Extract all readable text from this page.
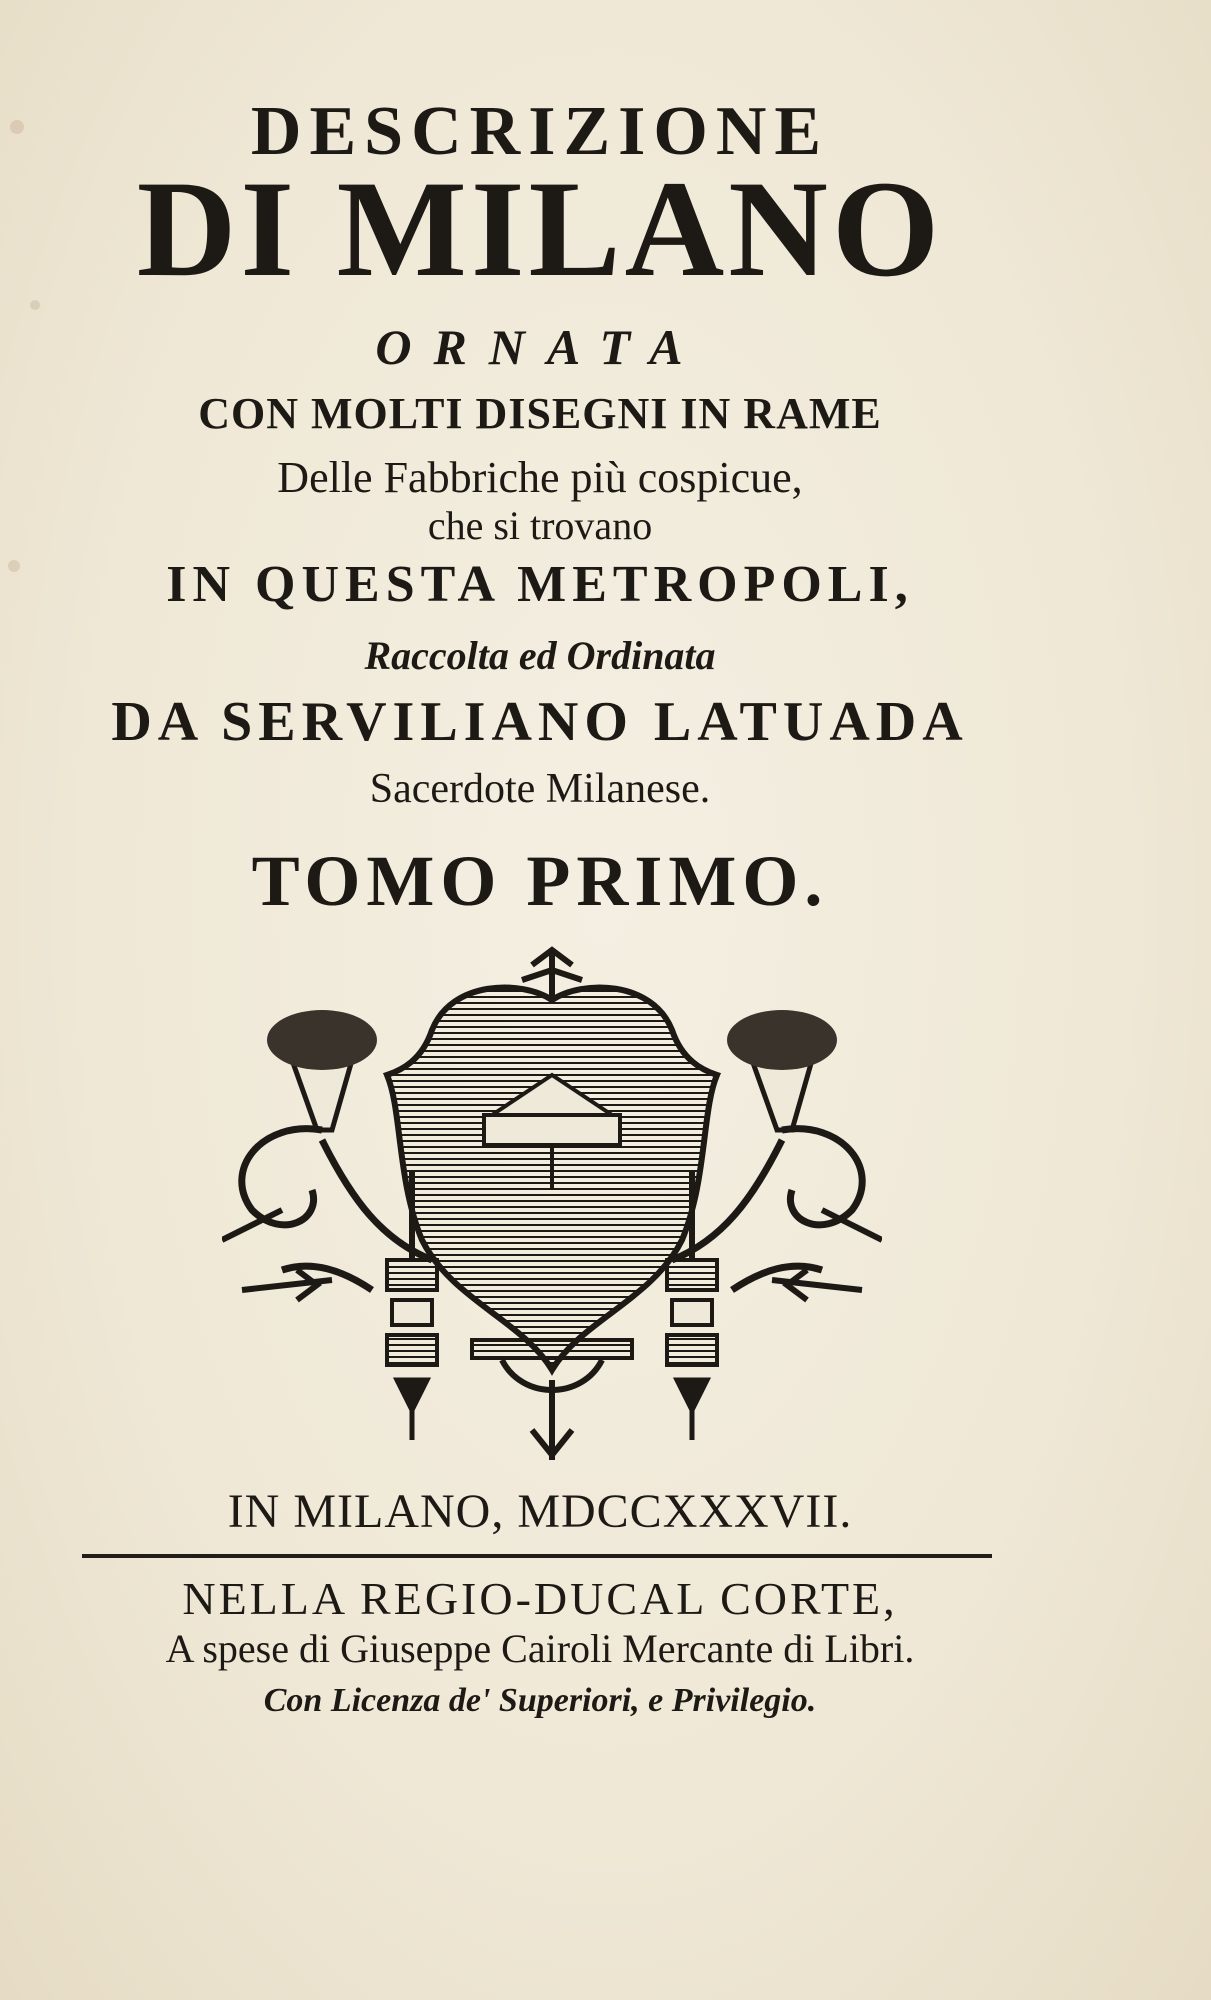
DESCRIZIONE
DI MILANO
ORNATA
CON MOLTI DISEGNI IN RAME
Delle Fabbriche più cospicue,
che si trovano
IN QUESTA METROPOLI,
Raccolta ed Ordinata
DA SERVILIANO LATUADA
Sacerdote Milanese.
TOMO PRIMO.
IN MILANO, MDCCXXXVII.
NELLA REGIO-DUCAL CORTE,
A spese di Giuseppe Cairoli Mercante di Libri.
Con Licenza de' Superiori, e Privilegio.
